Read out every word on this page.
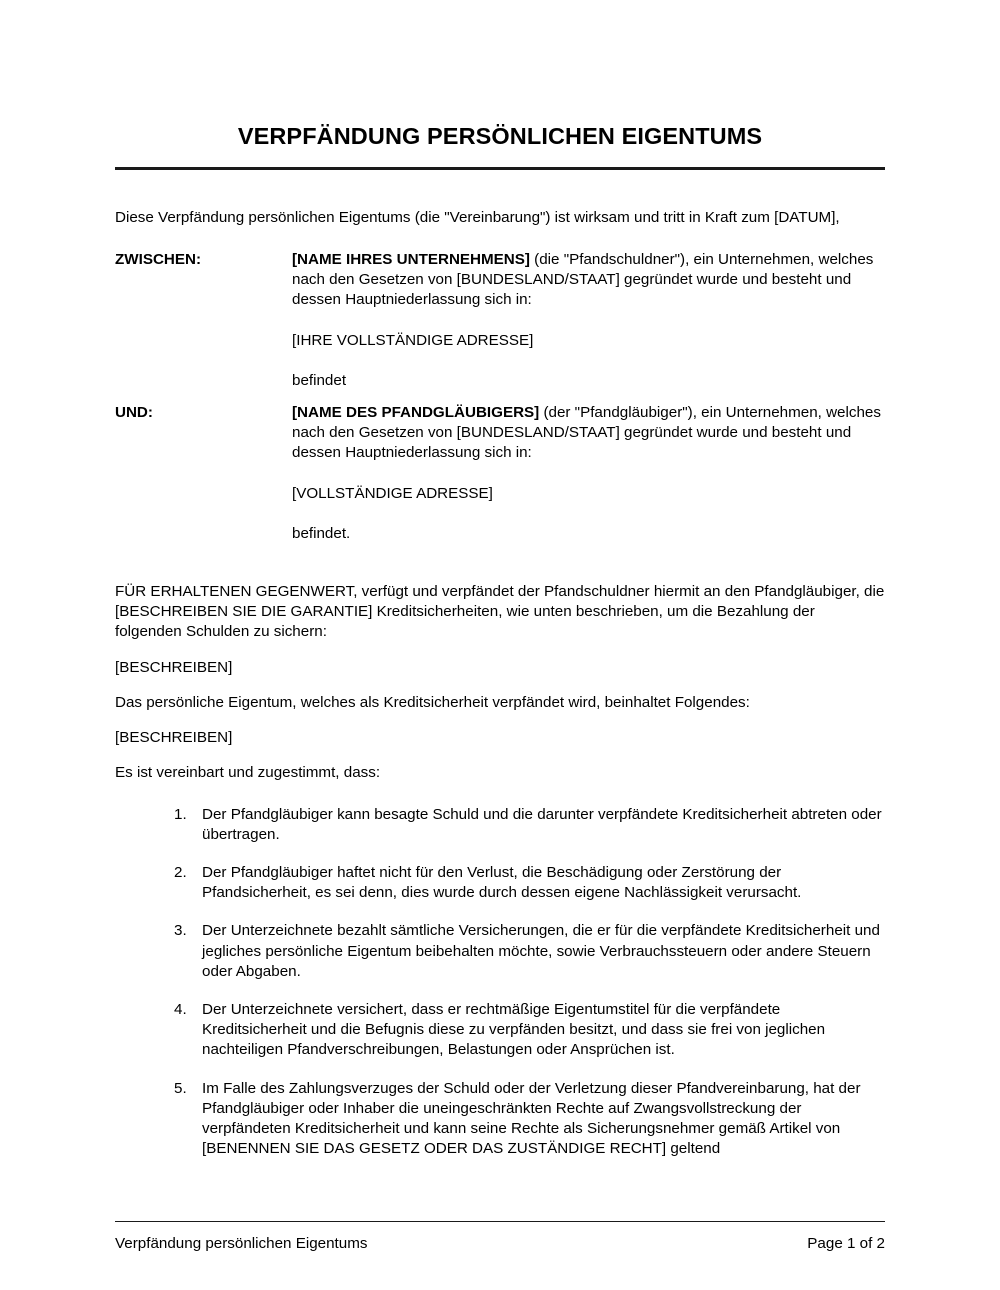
VERPFÄNDUNG PERSÖNLICHEN EIGENTUMS

Diese Verpfändung persönlichen Eigentums (die "Vereinbarung") ist wirksam und tritt in Kraft zum [DATUM],

ZWISCHEN:	[NAME IHRES UNTERNEHMENS] (die "Pfandschuldner"), ein Unternehmen, welches nach den Gesetzen von [BUNDESLAND/STAAT] gegründet wurde und besteht und dessen Hauptniederlassung sich in:
[IHRE VOLLSTÄNDIGE ADRESSE]
befindet
UND:	[NAME DES PFANDGLÄUBIGERS] (der "Pfandgläubiger"), ein Unternehmen, welches nach den Gesetzen von [BUNDESLAND/STAAT] gegründet wurde und besteht und dessen Hauptniederlassung sich in:
[VOLLSTÄNDIGE ADRESSE]
befindet.

FÜR ERHALTENEN GEGENWERT, verfügt und verpfändet der Pfandschuldner hiermit an den Pfandgläubiger, die [BESCHREIBEN SIE DIE GARANTIE] Kreditsicherheiten, wie unten beschrieben, um die Bezahlung der folgenden Schulden zu sichern:

[BESCHREIBEN]

Das persönliche Eigentum, welches als Kreditsicherheit verpfändet wird, beinhaltet Folgendes:

[BESCHREIBEN]

Es ist vereinbart und zugestimmt, dass:

1.	Der Pfandgläubiger kann besagte Schuld und die darunter verpfändete Kreditsicherheit abtreten oder übertragen.
2.	Der Pfandgläubiger haftet nicht für den Verlust, die Beschädigung oder Zerstörung der Pfandsicherheit, es sei denn, dies wurde durch dessen eigene Nachlässigkeit verursacht.
3.	Der Unterzeichnete bezahlt sämtliche Versicherungen, die er für die verpfändete Kreditsicherheit und jegliches persönliche Eigentum beibehalten möchte, sowie Verbrauchssteuern oder andere Steuern oder Abgaben.
4.	Der Unterzeichnete versichert, dass er rechtmäßige Eigentumstitel für die verpfändete Kreditsicherheit und die Befugnis diese zu verpfänden besitzt, und dass sie frei von jeglichen nachteiligen Pfandverschreibungen, Belastungen oder Ansprüchen ist.
5.	Im Falle des Zahlungsverzuges der Schuld oder der Verletzung dieser Pfandvereinbarung, hat der Pfandgläubiger oder Inhaber die uneingeschränkten Rechte auf Zwangsvollstreckung der verpfändeten Kreditsicherheit und kann seine Rechte als Sicherungsnehmer gemäß Artikel von [BENENNEN SIE DAS GESETZ ODER DAS ZUSTÄNDIGE RECHT] geltend
Verpfändung persönlichen Eigentums	Page 1 of 2
